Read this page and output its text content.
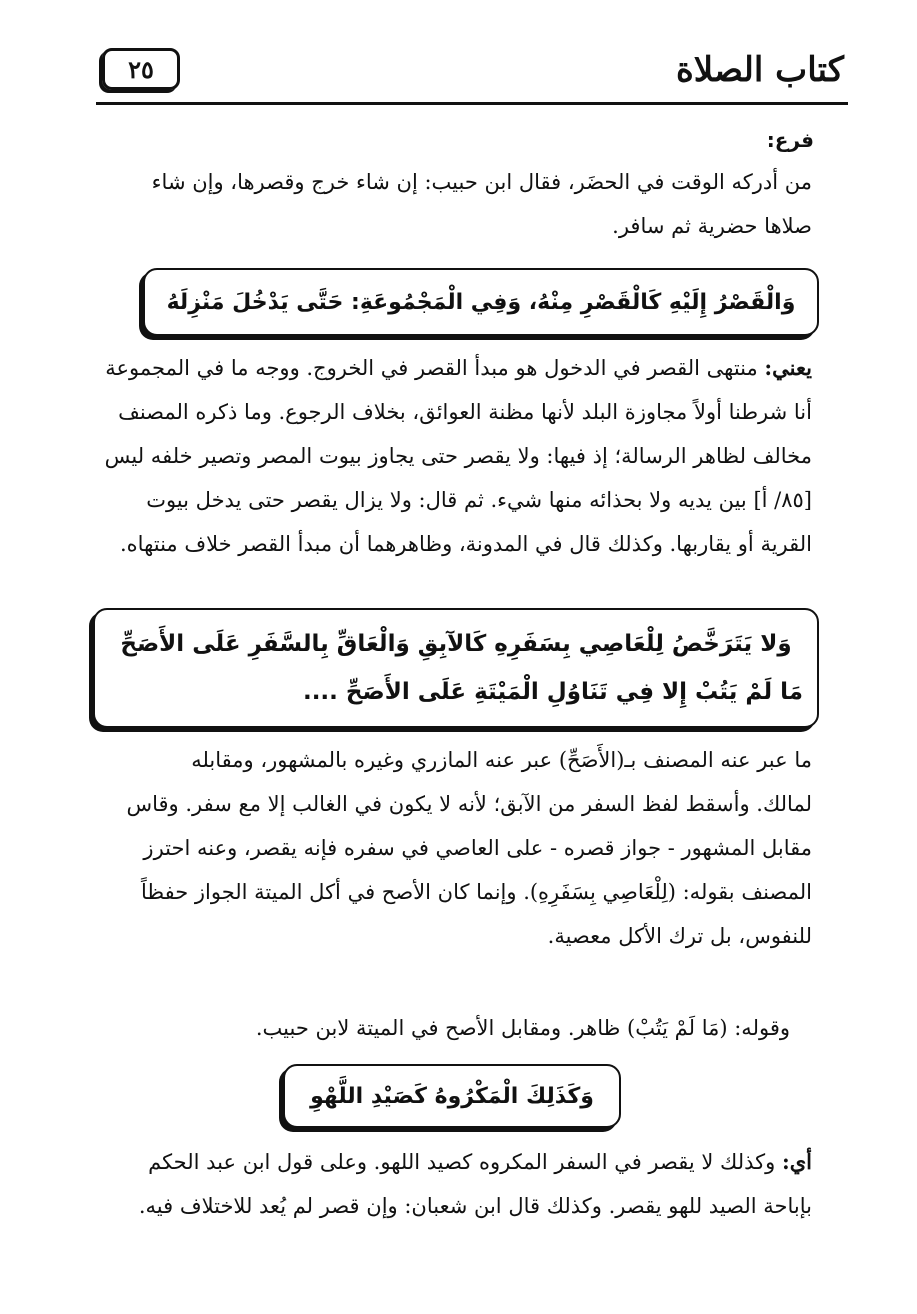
٢٥	كتاب الصلاة
فرع:
من أدركه الوقت في الحضَر، فقال ابن حبيب: إن شاء خرج وقصرها، وإن شاء
صلاها حضرية ثم سافر.
وَالْقَصْرُ إِلَيْهِ كَالْقَصْرِ مِنْهُ، وَفِي الْمَجْمُوعَةِ: حَتَّى يَدْخُلَ مَنْزِلَهُ
يعني: منتهى القصر في الدخول هو مبدأ القصر في الخروج. ووجه ما في المجموعة
أنا شرطنا أولاً مجاوزة البلد لأنها مظنة العوائق، بخلاف الرجوع. وما ذكره المصنف
مخالف لظاهر الرسالة؛ إذ فيها: ولا يقصر حتى يجاوز بيوت المصر وتصير خلفه ليس
[٨٥/ أ] بين يديه ولا بحذائه منها شيء. ثم قال: ولا يزال يقصر حتى يدخل بيوت
القرية أو يقاربها. وكذلك قال في المدونة، وظاهرهما أن مبدأ القصر خلاف منتهاه.
وَلا يَتَرَخَّصُ لِلْعَاصِي بِسَفَرِهِ كَالآبِقِ وَالْعَاقِّ بِالسَّفَرِ عَلَى الأَصَحِّ
مَا لَمْ يَتُبْ إِلا فِي تَنَاوُلِ الْمَيْتَةِ عَلَى الأَصَحِّ ....
ما عبر عنه المصنف بـ(الأَصَحِّ) عبر عنه المازري وغيره بالمشهور، ومقابله
لمالك. وأسقط لفظ السفر من الآبق؛ لأنه لا يكون في الغالب إلا مع سفر. وقاس
مقابل المشهور - جواز قصره - على العاصي في سفره فإنه يقصر، وعنه احترز
المصنف بقوله: (لِلْعَاصِي بِسَفَرِهِ). وإنما كان الأصح في أكل الميتة الجواز حفظاً
للنفوس، بل ترك الأكل معصية.
وقوله: (مَا لَمْ يَتُبْ) ظاهر. ومقابل الأصح في الميتة لابن حبيب.
وَكَذَلِكَ الْمَكْرُوهُ كَصَيْدِ اللَّهْوِ
أي: وكذلك لا يقصر في السفر المكروه كصيد اللهو. وعلى قول ابن عبد الحكم
بإباحة الصيد للهو يقصر. وكذلك قال ابن شعبان: وإن قصر لم يُعد للاختلاف فيه.
